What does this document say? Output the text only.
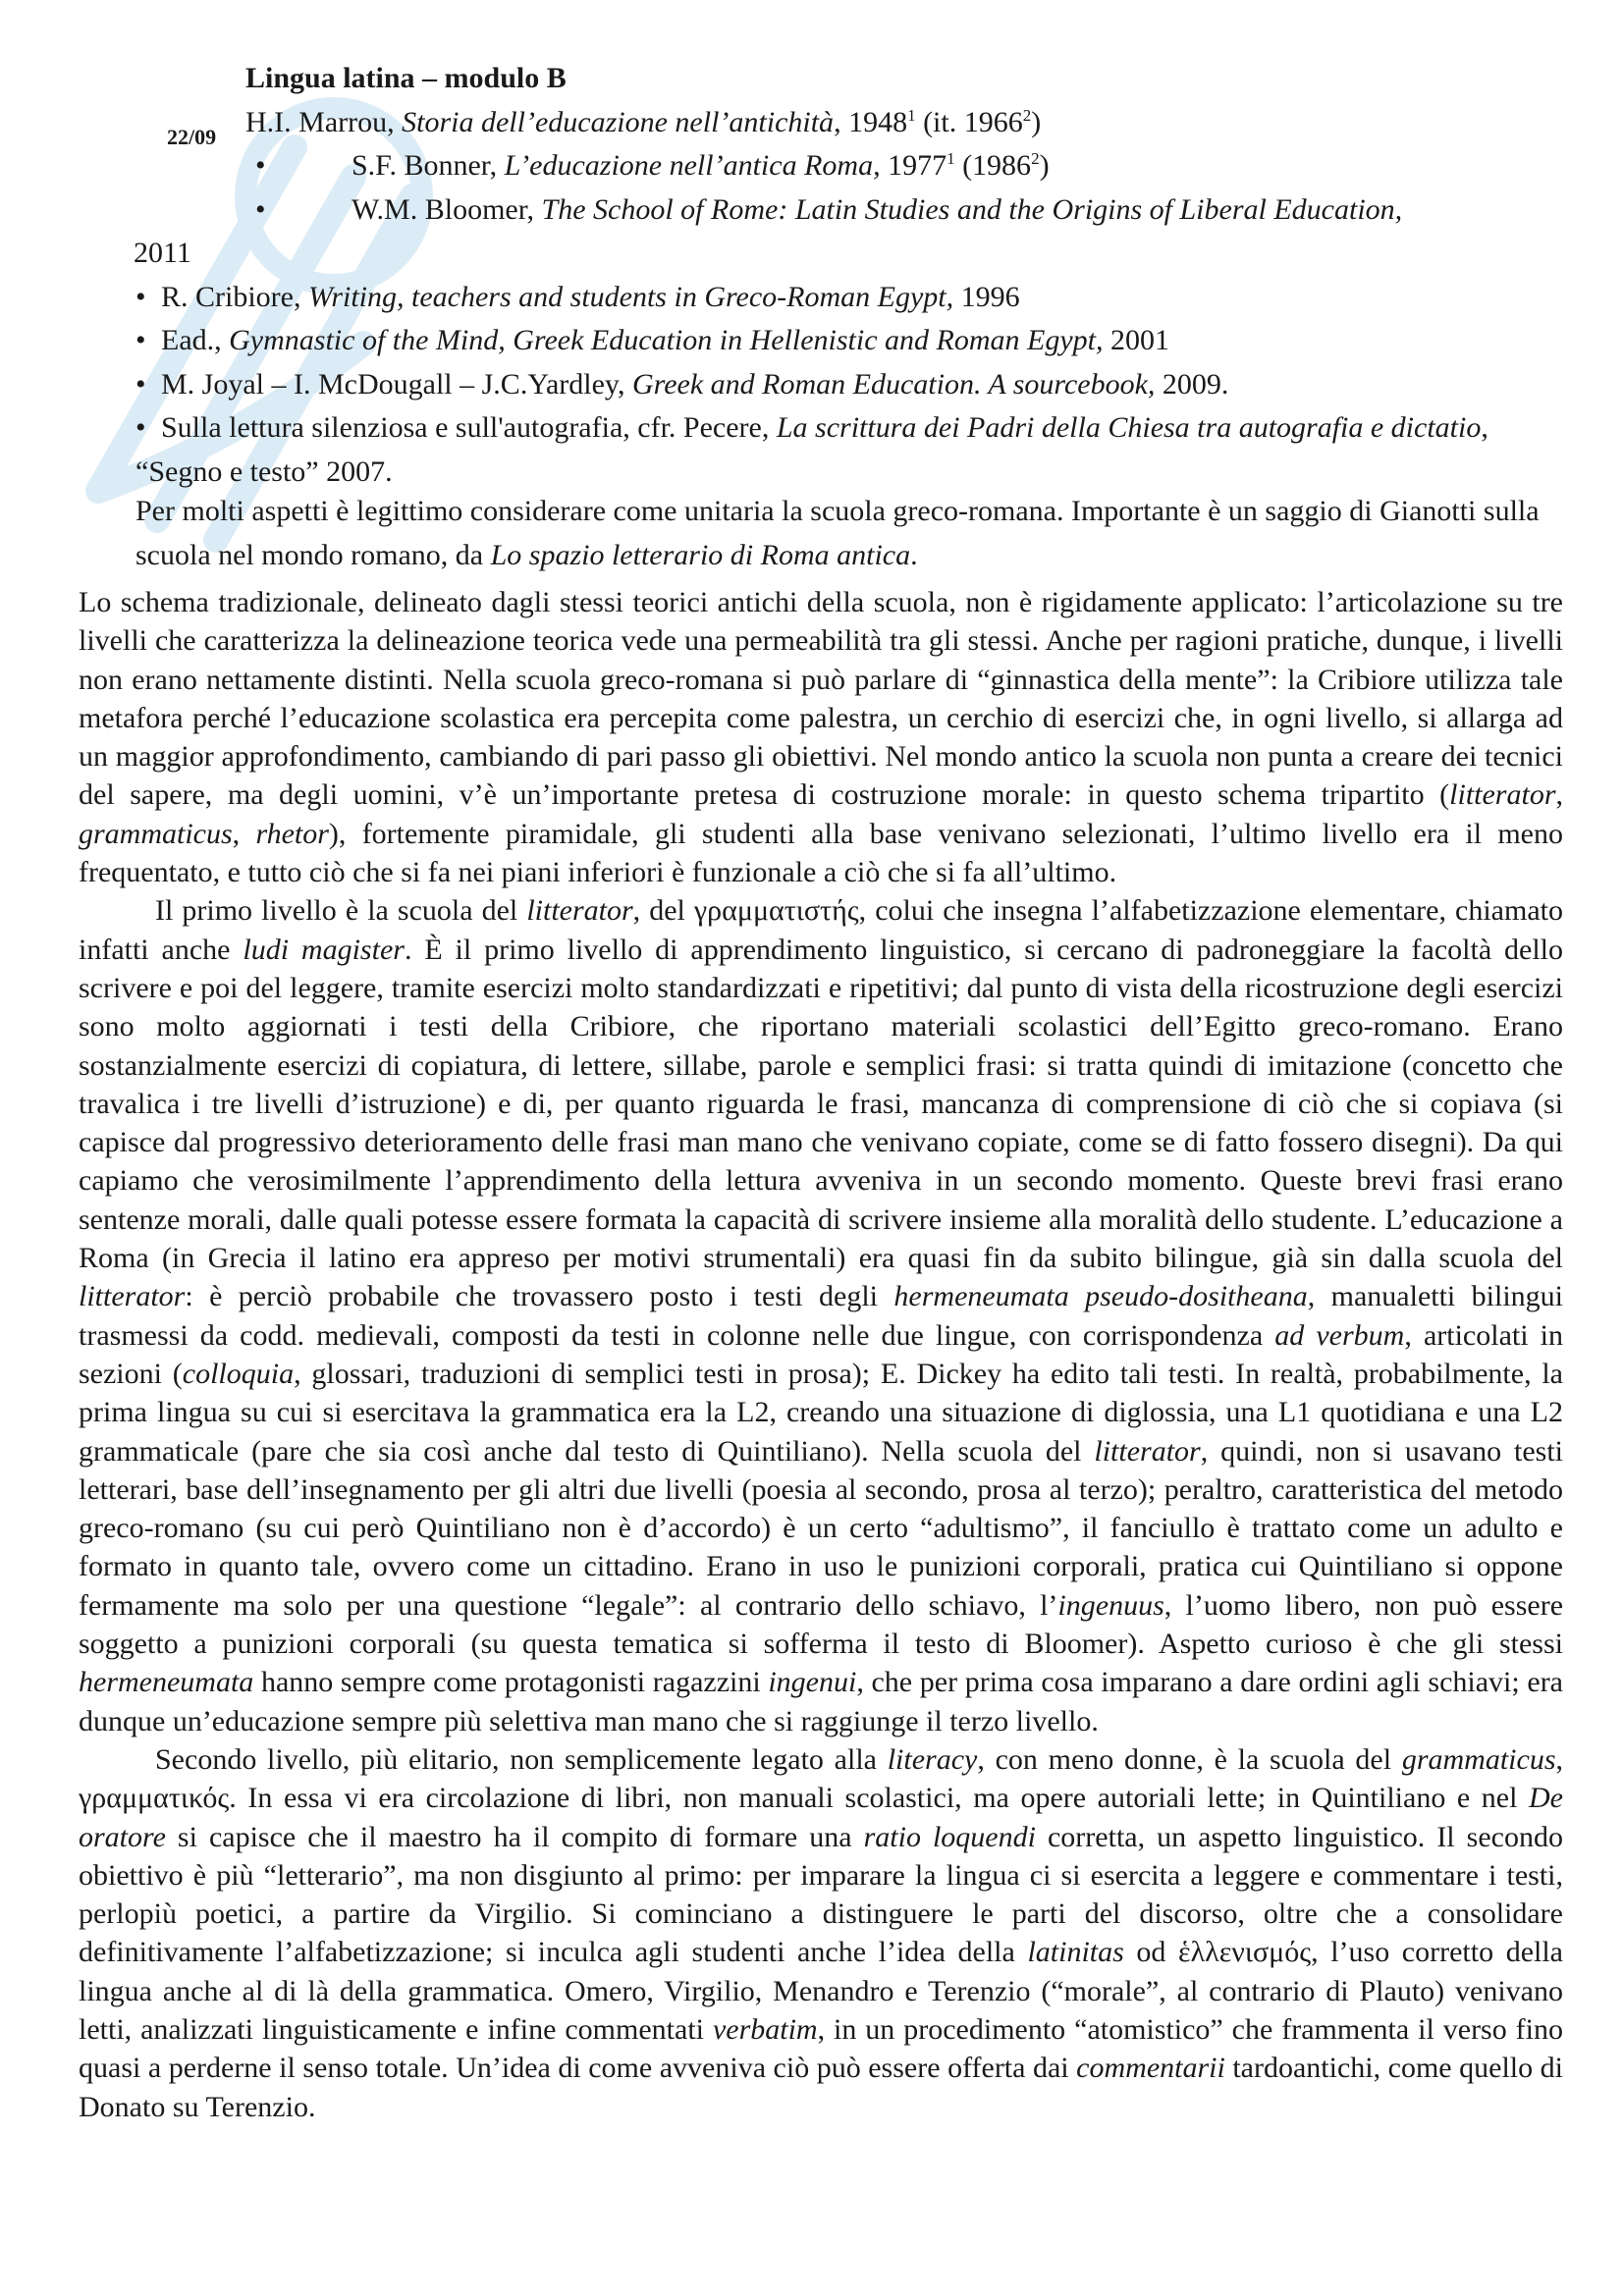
22/09
Lingua latina – modulo B
H.I. Marrou, Storia dell’educazione nell’antichità, 1948$^1$ (it. 1966$^2$)
•	S.F. Bonner, L’educazione nell’antica Roma, 1977$^1$ (1986$^2$)
•	W.M. Bloomer, The School of Rome: Latin Studies and the Origins of Liberal Education,
2011
• R. Cribiore, Writing, teachers and students in Greco-Roman Egypt, 1996
• Ead., Gymnastic of the Mind, Greek Education in Hellenistic and Roman Egypt, 2001
• M. Joyal – I. McDougall – J.C.Yardley, Greek and Roman Education. A sourcebook, 2009.
• Sulla lettura silenziosa e sull'autografia, cfr. Pecere, La scrittura dei Padri della Chiesa tra autografia e dictatio, “Segno e testo” 2007.
Per molti aspetti è legittimo considerare come unitaria la scuola greco-romana. Importante è un saggio di Gianotti sulla scuola nel mondo romano, da Lo spazio letterario di Roma antica.

Lo schema tradizionale, delineato dagli stessi teorici antichi della scuola, non è rigidamente applicato: l’articolazione su tre livelli che caratterizza la delineazione teorica vede una permeabilità tra gli stessi. Anche per ragioni pratiche, dunque, i livelli non erano nettamente distinti. Nella scuola greco-romana si può parlare di “ginnastica della mente”: la Cribiore utilizza tale metafora perché l’educazione scolastica era percepita come palestra, un cerchio di esercizi che, in ogni livello, si allarga ad un maggior approfondimento, cambiando di pari passo gli obiettivi. Nel mondo antico la scuola non punta a creare dei tecnici del sapere, ma degli uomini, v’è un’importante pretesa di costruzione morale: in questo schema tripartito (litterator, grammaticus, rhetor), fortemente piramidale, gli studenti alla base venivano selezionati, l’ultimo livello era il meno frequentato, e tutto ciò che si fa nei piani inferiori è funzionale a ciò che si fa all’ultimo.

Il primo livello è la scuola del litterator, del γραμματιστής, colui che insegna l’alfabetizzazione elementare, chiamato infatti anche ludi magister. È il primo livello di apprendimento linguistico, si cercano di padroneggiare la facoltà dello scrivere e poi del leggere, tramite esercizi molto standardizzati e ripetitivi; dal punto di vista della ricostruzione degli esercizi sono molto aggiornati i testi della Cribiore, che riportano materiali scolastici dell’Egitto greco-romano. Erano sostanzialmente esercizi di copiatura, di lettere, sillabe, parole e semplici frasi: si tratta quindi di imitazione (concetto che travalica i tre livelli d’istruzione) e di, per quanto riguarda le frasi, mancanza di comprensione di ciò che si copiava (si capisce dal progressivo deterioramento delle frasi man mano che venivano copiate, come se di fatto fossero disegni). Da qui capiamo che verosimilmente l’apprendimento della lettura avveniva in un secondo momento. Queste brevi frasi erano sentenze morali, dalle quali potesse essere formata la capacità di scrivere insieme alla moralità dello studente. L’educazione a Roma (in Grecia il latino era appreso per motivi strumentali) era quasi fin da subito bilingue, già sin dalla scuola del litterator: è perciò probabile che trovassero posto i testi degli hermeneumata pseudo-dositheana, manualetti bilingui trasmessi da codd. medievali, composti da testi in colonne nelle due lingue, con corrispondenza ad verbum, articolati in sezioni (colloquia, glossari, traduzioni di semplici testi in prosa); E. Dickey ha edito tali testi. In realtà, probabilmente, la prima lingua su cui si esercitava la grammatica era la L2, creando una situazione di diglossia, una L1 quotidiana e una L2 grammaticale (pare che sia così anche dal testo di Quintiliano). Nella scuola del litterator, quindi, non si usavano testi letterari, base dell’insegnamento per gli altri due livelli (poesia al secondo, prosa al terzo); peraltro, caratteristica del metodo greco-romano (su cui però Quintiliano non è d’accordo) è un certo “adultismo”, il fanciullo è trattato come un adulto e formato in quanto tale, ovvero come un cittadino. Erano in uso le punizioni corporali, pratica cui Quintiliano si oppone fermamente ma solo per una questione “legale”: al contrario dello schiavo, l’ingenuus, l’uomo libero, non può essere soggetto a punizioni corporali (su questa tematica si sofferma il testo di Bloomer). Aspetto curioso è che gli stessi hermeneumata hanno sempre come protagonisti ragazzini ingenui, che per prima cosa imparano a dare ordini agli schiavi; era dunque un’educazione sempre più selettiva man mano che si raggiunge il terzo livello.

Secondo livello, più elitario, non semplicemente legato alla literacy, con meno donne, è la scuola del grammaticus, γραμματικός. In essa vi era circolazione di libri, non manuali scolastici, ma opere autoriali lette; in Quintiliano e nel De oratore si capisce che il maestro ha il compito di formare una ratio loquendi corretta, un aspetto linguistico. Il secondo obiettivo è più “letterario”, ma non disgiunto al primo: per imparare la lingua ci si esercita a leggere e commentare i testi, perlopiù poetici, a partire da Virgilio. Si cominciano a distinguere le parti del discorso, oltre che a consolidare definitivamente l’alfabetizzazione; si inculca agli studenti anche l’idea della latinitas od ἑλλενισμός, l’uso corretto della lingua anche al di là della grammatica. Omero, Virgilio, Menandro e Terenzio (“morale”, al contrario di Plauto) venivano letti, analizzati linguisticamente e infine commentati verbatim, in un procedimento “atomistico” che frammenta il verso fino quasi a perderne il senso totale. Un’idea di come avveniva ciò può essere offerta dai commentarii tardoantichi, come quello di Donato su Terenzio.
